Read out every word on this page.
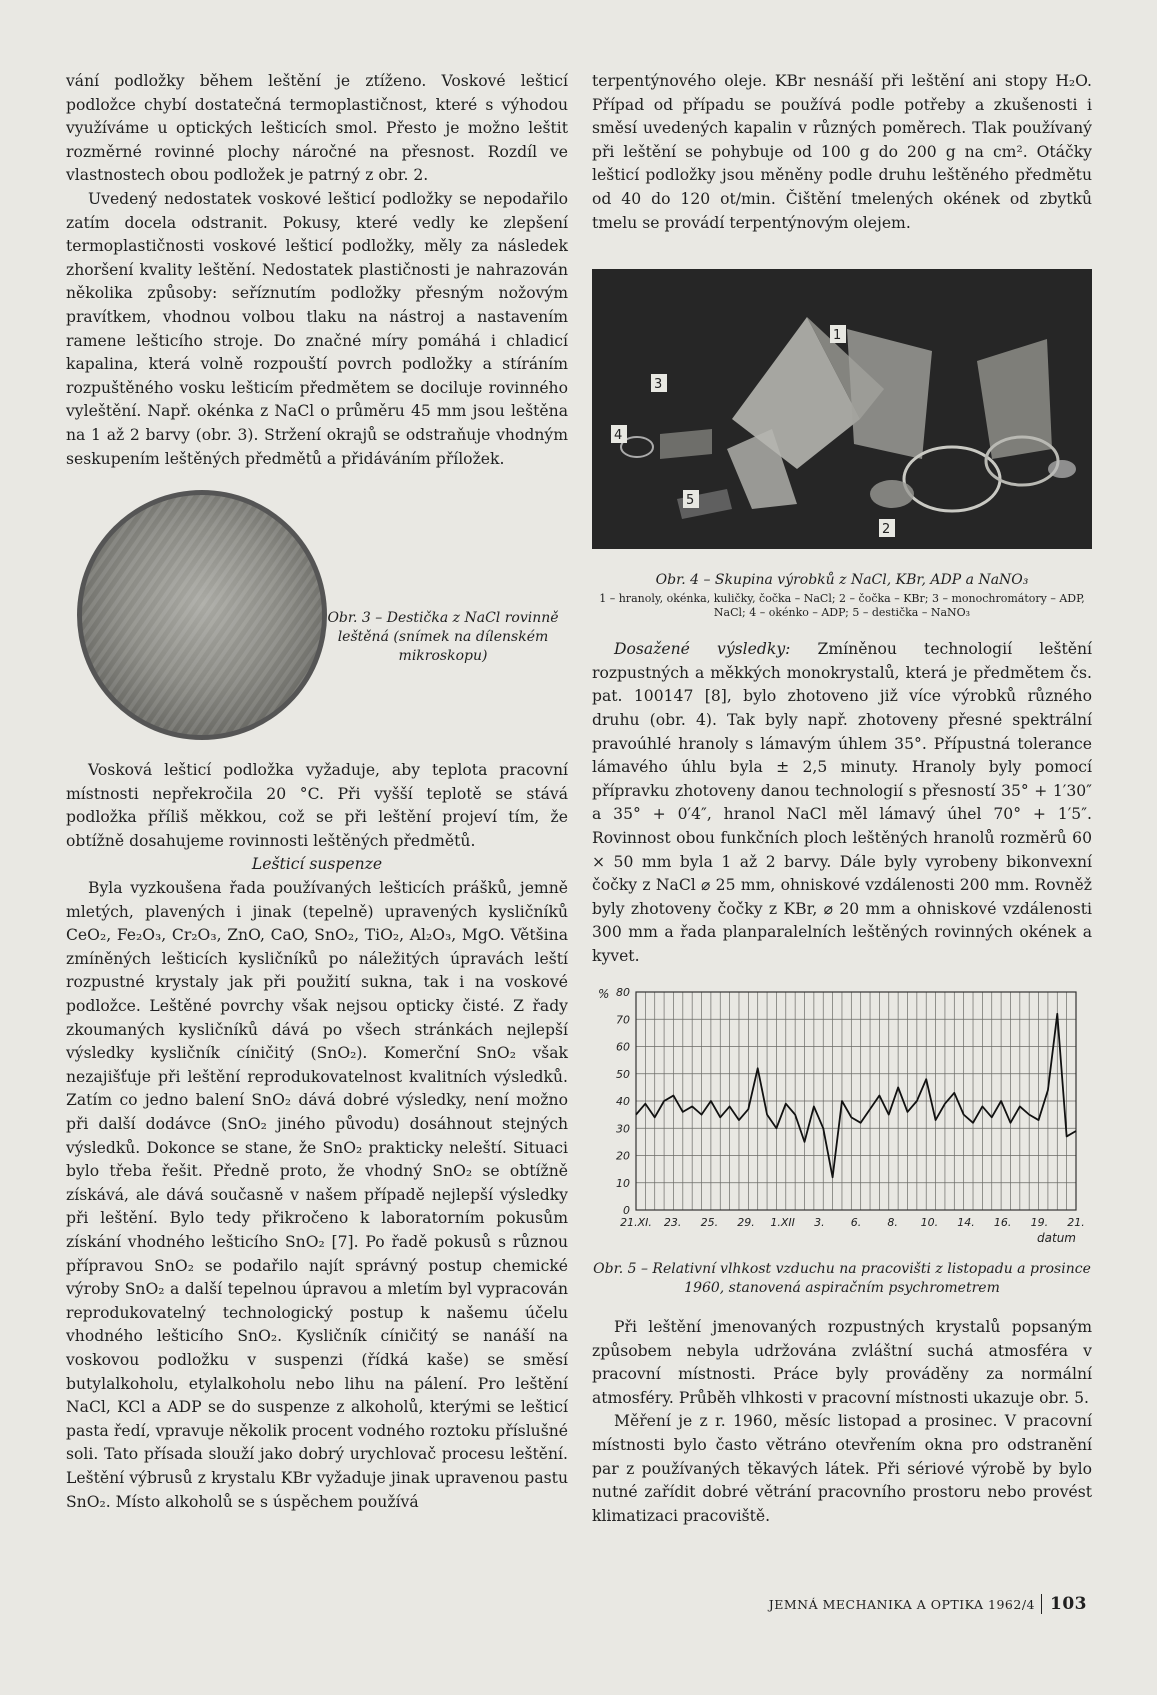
vání podložky během leštění je ztíženo. Voskové lešticí podložce chybí dostatečná termoplastičnost, které s výhodou využíváme u optických lešticích smol. Přesto je možno leštit rozměrné rovinné plochy náročné na přesnost. Rozdíl ve vlastnostech obou podložek je patrný z obr. 2.

Uvedený nedostatek voskové lešticí podložky se nepodařilo zatím docela odstranit. Pokusy, které vedly ke zlepšení termoplastičnosti voskové lešticí podložky, měly za následek zhoršení kvality leštění. Nedostatek plastičnosti je nahrazován několika způsoby: seříznutím podložky přesným nožovým pravítkem, vhodnou volbou tlaku na nástroj a nastavením ramene lešticího stroje. Do značné míry pomáhá i chladicí kapalina, která volně rozpouští povrch podložky a stíráním rozpuštěného vosku lešticím předmětem se dociluje rovinného vyleštění. Např. okénka z NaCl o průměru 45 mm jsou leštěna na 1 až 2 barvy (obr. 3). Stržení okrajů se odstraňuje vhodným seskupením leštěných předmětů a přidáváním příložek.

Obr. 3 – Destička z NaCl rovinně leštěná (snímek na dílenském mikroskopu)

Vosková lešticí podložka vyžaduje, aby teplota pracovní místnosti nepřekročila 20 °C. Při vyšší teplotě se stává podložka příliš měkkou, což se při leštění projeví tím, že obtížně dosahujeme rovinnosti leštěných předmětů.

Lešticí suspenze

Byla vyzkoušena řada používaných lešticích prášků, jemně mletých, plavených i jinak (tepelně) upravených kysličníků CeO₂, Fe₂O₃, Cr₂O₃, ZnO, CaO, SnO₂, TiO₂, Al₂O₃, MgO. Většina zmíněných lešticích kysličníků po náležitých úpravách leští rozpustné krystaly jak při použití sukna, tak i na voskové podložce. Leštěné povrchy však nejsou opticky čisté. Z řady zkoumaných kysličníků dává po všech stránkách nejlepší výsledky kysličník cíničitý (SnO₂). Komerční SnO₂ však nezajišťuje při leštění reprodukovatelnost kvalitních výsledků. Zatím co jedno balení SnO₂ dává dobré výsledky, není možno při další dodávce (SnO₂ jiného původu) dosáhnout stejných výsledků. Dokonce se stane, že SnO₂ prakticky neleští. Situaci bylo třeba řešit. Předně proto, že vhodný SnO₂ se obtížně získává, ale dává současně v našem případě nejlepší výsledky při leštění. Bylo tedy přikročeno k laboratorním pokusům získání vhodného lešticího SnO₂ [7]. Po řadě pokusů s různou přípravou SnO₂ se podařilo najít správný postup chemické výroby SnO₂ a další tepelnou úpravou a mletím byl vypracován reprodukovatelný technologický postup k našemu účelu vhodného lešticího SnO₂. Kysličník cíničitý se nanáší na voskovou podložku v suspenzi (řídká kaše) se směsí butylalkoholu, etylalkoholu nebo lihu na pálení. Pro leštění NaCl, KCl a ADP se do suspenze z alkoholů, kterými se lešticí pasta ředí, vpravuje několik procent vodného roztoku příslušné soli. Tato přísada slouží jako dobrý urychlovač procesu leštění. Leštění výbrusů z krystalu KBr vyžaduje jinak upravenou pastu SnO₂. Místo alkoholů se s úspěchem používá

terpentýnového oleje. KBr nesnáší při leštění ani stopy H₂O. Případ od případu se používá podle potřeby a zkušenosti i směsí uvedených kapalin v různých poměrech. Tlak používaný při leštění se pohybuje od 100 g do 200 g na cm². Otáčky lešticí podložky jsou měněny podle druhu leštěného předmětu od 40 do 120 ot/min. Čištění tmelených okének od zbytků tmelu se provádí terpentýnovým olejem.

1
2
3
4
5
Obr. 4 – Skupina výrobků z NaCl, KBr, ADP a NaNO₃
1 – hranoly, okénka, kuličky, čočka – NaCl; 2 – čočka – KBr; 3 – monochromátory – ADP, NaCl; 4 – okénko – ADP; 5 – destička – NaNO₃

Dosažené výsledky: Zmíněnou technologií leštění rozpustných a měkkých monokrystalů, která je předmětem čs. pat. 100147 [8], bylo zhotoveno již více výrobků různého druhu (obr. 4). Tak byly např. zhotoveny přesné spektrální pravoúhlé hranoly s lámavým úhlem 35°. Přípustná tolerance lámavého úhlu byla ± 2,5 minuty. Hranoly byly pomocí přípravku zhotoveny danou technologií s přesností 35° + 1′30″ a 35° + 0′4″, hranol NaCl měl lámavý úhel 70° + 1′5″. Rovinnost obou funkčních ploch leštěných hranolů rozměrů 60 × 50 mm byla 1 až 2 barvy. Dále byly vyrobeny bikonvexní čočky z NaCl ⌀ 25 mm, ohniskové vzdálenosti 200 mm. Rovněž byly zhotoveny čočky z KBr, ⌀ 20 mm a ohniskové vzdálenosti 300 mm a řada planparalelních leštěných rovinných okének a kyvet.

0
10
20
30
40
50
60
70
80
%
21.XI. 23. 25. 29. 1.XII 3. 6. 8. 10. 14. 16. 19. 21.
datum
Obr. 5 – Relativní vlhkost vzduchu na pracovišti z listopadu a prosince 1960, stanovená aspiračním psychrometrem

Při leštění jmenovaných rozpustných krystalů popsaným způsobem nebyla udržována zvláštní suchá atmosféra v pracovní místnosti. Práce byly prováděny za normální atmosféry. Průběh vlhkosti v pracovní místnosti ukazuje obr. 5.

Měření je z r. 1960, měsíc listopad a prosinec. V pracovní místnosti bylo často větráno otevřením okna pro odstranění par z používaných těkavých látek. Při sériové výrobě by bylo nutné zařídit dobré větrání pracovního prostoru nebo provést klimatizaci pracoviště.

JEMNÁ MECHANIKA A OPTIKA 1962/4 103
